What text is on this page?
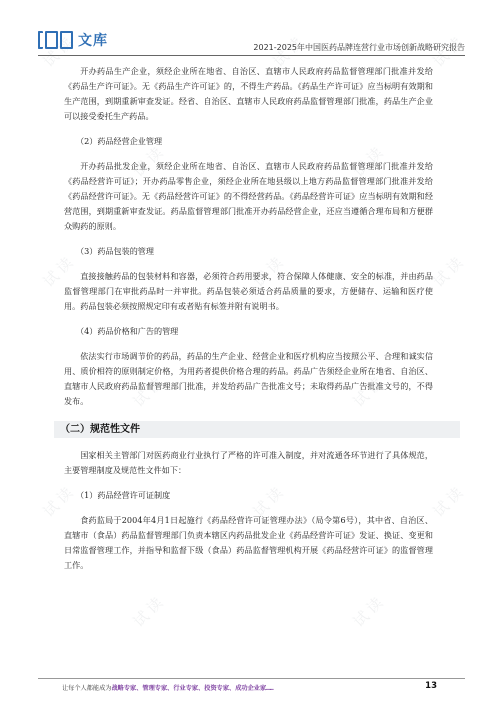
文库	2021-2025年中国医药品牌连营行业市场创新战略研究报告

开办药品生产企业，须经企业所在地省、自治区、直辖市人民政府药品监督管理部门批准并发给《药品生产许可证》。无《药品生产许可证》的，不得生产药品。《药品生产许可证》应当标明有效期和生产范围，到期重新审查发证。经省、自治区、直辖市人民政府药品监督管理部门批准，药品生产企业可以接受委托生产药品。

（2）药品经营企业管理

开办药品批发企业，须经企业所在地省、自治区、直辖市人民政府药品监督管理部门批准并发给《药品经营许可证》；开办药品零售企业，须经企业所在地县级以上地方药品监督管理部门批准并发给《药品经营许可证》。无《药品经营许可证》的不得经营药品。《药品经营许可证》应当标明有效期和经营范围，到期重新审查发证。药品监督管理部门批准开办药品经营企业，还应当遵循合理布局和方便群众购药的原则。

（3）药品包装的管理

直接接触药品的包装材料和容器，必须符合药用要求，符合保障人体健康、安全的标准，并由药品监督管理部门在审批药品时一并审批。药品包装必须适合药品质量的要求，方便储存、运输和医疗使用。药品包装必须按照规定印有或者贴有标签并附有说明书。

（4）药品价格和广告的管理

依法实行市场调节价的药品，药品的生产企业、经营企业和医疗机构应当按照公平、合理和诚实信用、质价相符的原则制定价格，为用药者提供价格合理的药品。药品广告须经企业所在地省、自治区、直辖市人民政府药品监督管理部门批准，并发给药品广告批准文号；未取得药品广告批准文号的，不得发布。

（二）规范性文件

国家相关主管部门对医药商业行业执行了严格的许可准入制度，并对流通各环节进行了具体规范，主要管理制度及规范性文件如下：

（1）药品经营许可证制度

食药监局于2004年4月1日起施行《药品经营许可证管理办法》（局令第6号），其中省、自治区、直辖市（食品）药品监督管理部门负责本辖区内药品批发企业《药品经营许可证》发证、换证、变更和日常监督管理工作，并指导和监督下级（食品）药品监督管理机构开展《药品经营许可证》的监督管理工作。

让每个人都能成为战略专家、管理专家、行业专家、投资专家、成功企业家……	13
试读	试读	试读
试读	试读
试读	试读	试读
试读	试读
试读	试读	试读
试读	试读
